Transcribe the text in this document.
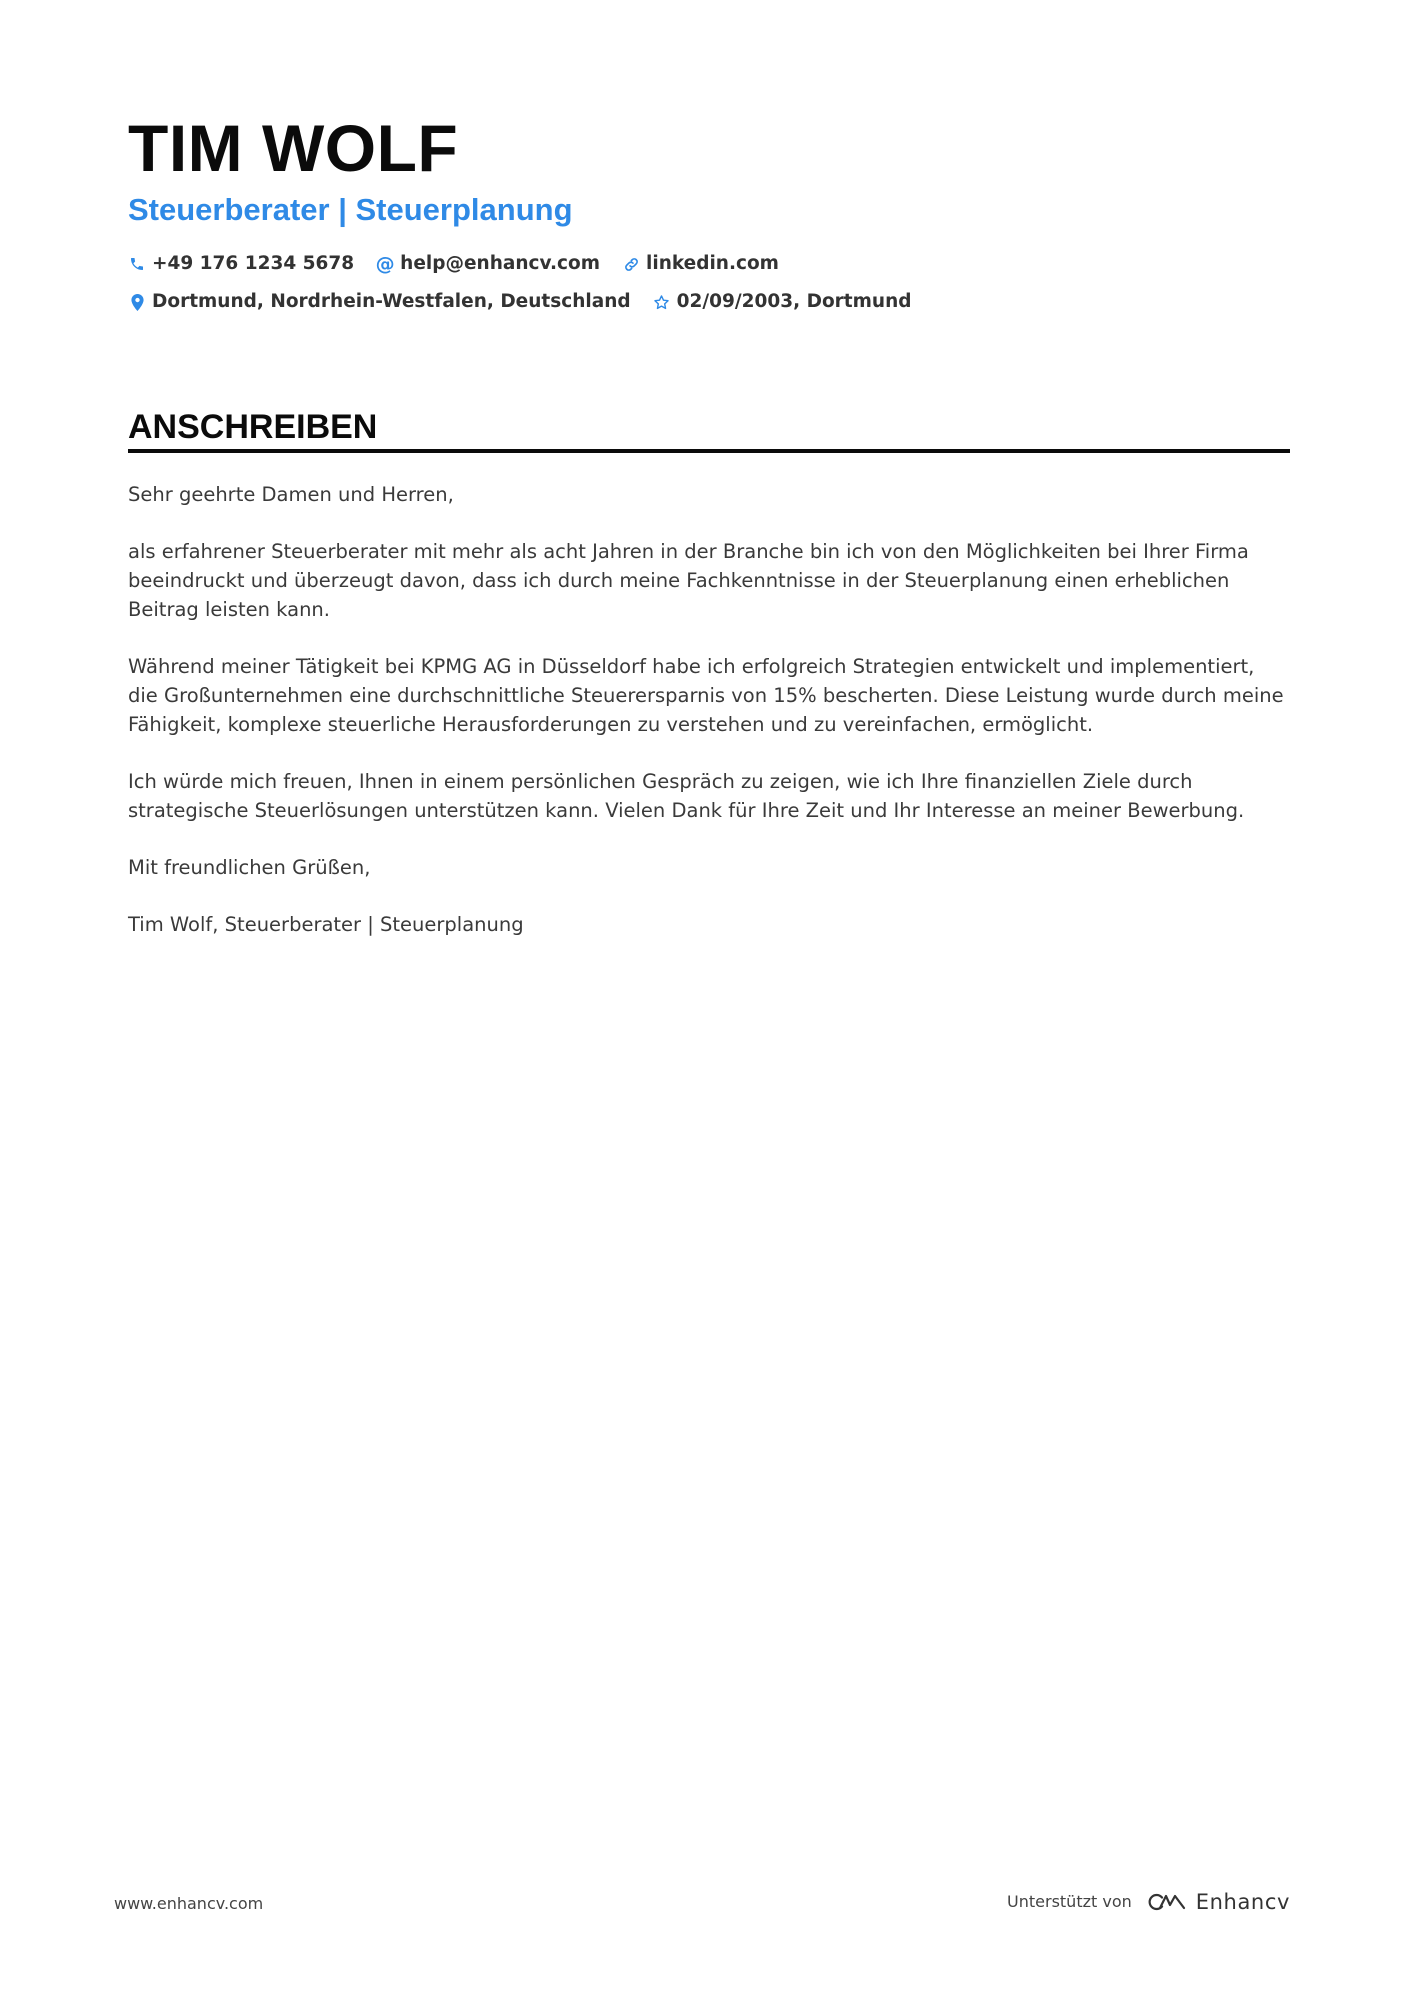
TIM WOLF
Steuerberater | Steuerplanung
+49 176 1234 5678 @ help@enhancv.com linkedin.com
Dortmund, Nordrhein-Westfalen, Deutschland 02/09/2003, Dortmund
ANSCHREIBEN

Sehr geehrte Damen und Herren,

als erfahrener Steuerberater mit mehr als acht Jahren in der Branche bin ich von den Möglichkeiten bei Ihrer Firma beeindruckt und überzeugt davon, dass ich durch meine Fachkenntnisse in der Steuerplanung einen erheblichen Beitrag leisten kann.

Während meiner Tätigkeit bei KPMG AG in Düsseldorf habe ich erfolgreich Strategien entwickelt und implementiert, die Großunternehmen eine durchschnittliche Steuerersparnis von 15% bescherten. Diese Leistung wurde durch meine Fähigkeit, komplexe steuerliche Herausforderungen zu verstehen und zu vereinfachen, ermöglicht.

Ich würde mich freuen, Ihnen in einem persönlichen Gespräch zu zeigen, wie ich Ihre finanziellen Ziele durch strategische Steuerlösungen unterstützen kann. Vielen Dank für Ihre Zeit und Ihr Interesse an meiner Bewerbung.

Mit freundlichen Grüßen,

Tim Wolf, Steuerberater | Steuerplanung

www.enhancv.com	Unterstützt von	Enhancv
